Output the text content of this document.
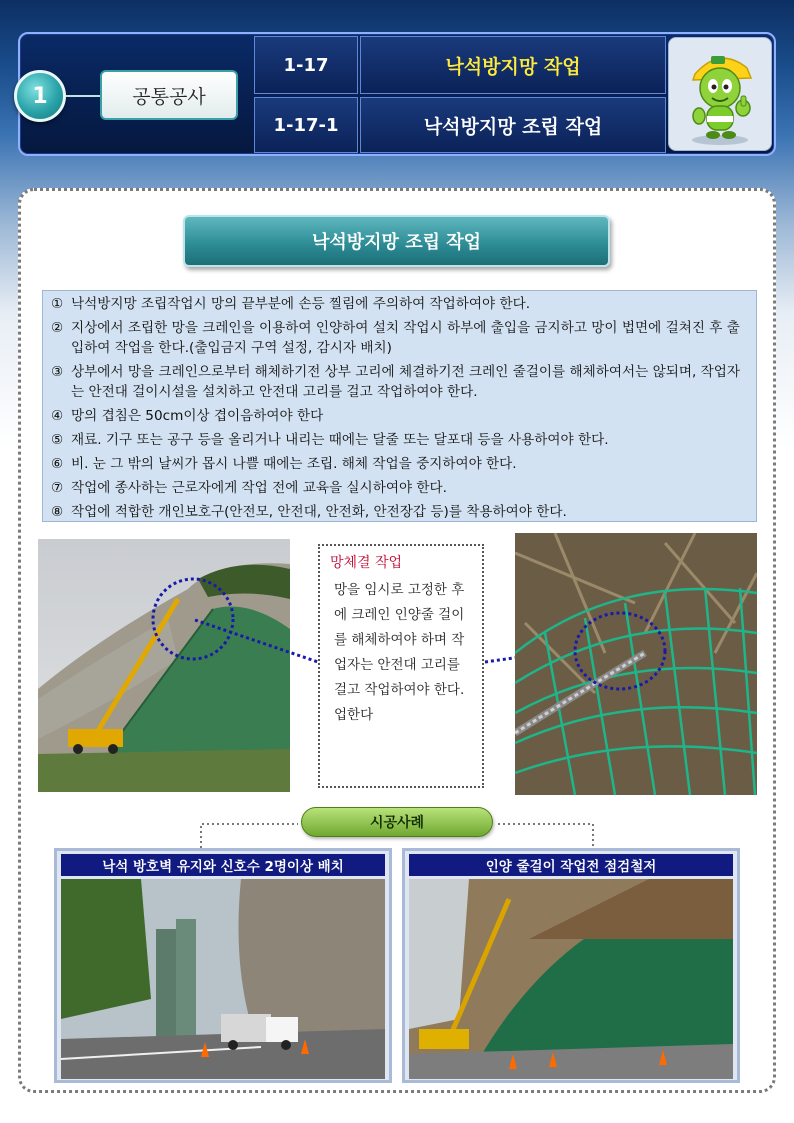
1	공통공사
1-17
1-17-1
낙석방지망 작업
낙석방지망 조립 작업
낙석방지망 조립 작업
① 낙석방지망 조립작업시 망의 끝부분에 손등 찔림에 주의하여 작업하여야 한다.
② 지상에서 조립한 망을 크레인을 이용하여 인양하여 설치 작업시 하부에 출입을 금지하고 망이 법면에 걸쳐진 후 출입하여 작업을 한다.(출입금지 구역 설정, 감시자 배치)
③ 상부에서 망을 크레인으로부터 해체하기전 상부 고리에 체결하기전 크레인 줄걸이를 해체하여서는 않되며, 작업자는 안전대 걸이시설을 설치하고 안전대 고리를 걸고 작업하여야 한다.
④ 망의 겹침은 50cm이상 겹이음하여야 한다
⑤ 재료. 기구 또는 공구 등을 올리거나 내리는 때에는 달줄 또는 달포대 등을 사용하여야 한다.
⑥ 비. 눈 그 밖의 날씨가 몹시 나쁠 때에는 조립. 해체 작업을 중지하여야 한다.
⑦ 작업에 종사하는 근로자에게 작업 전에 교육을 실시하여야 한다.
⑧ 작업에 적합한 개인보호구(안전모, 안전대, 안전화, 안전장갑 등)를 착용하여야 한다.
망체결 작업
망을 임시로 고정한 후에 크레인 인양줄 걸이를 해체하여야 하며 작업자는 안전대 고리를 걸고 작업하여야 한다.업한다
시공사례
낙석 방호벽 유지와 신호수 2명이상 배치	인양 줄걸이 작업전 점검철저
